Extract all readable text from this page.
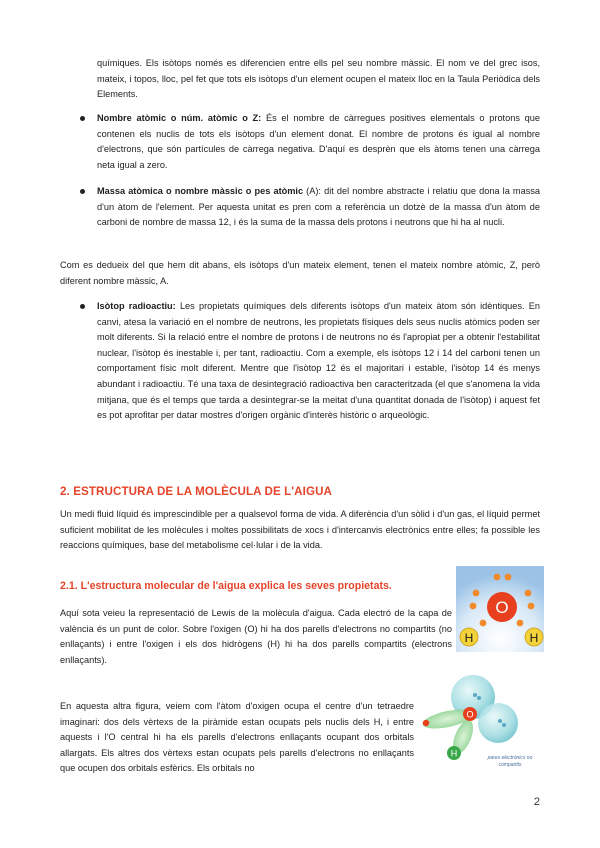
químiques. Els isòtops només es diferencien entre ells pel seu nombre màssic. El nom ve del grec isos, mateix, i topos, lloc, pel fet que tots els isòtops d'un element ocupen el mateix lloc en la Taula Periòdica dels Elements.

Nombre atòmic o núm. atòmic o Z: És el nombre de càrregues positives elementals o protons que contenen els nuclis de tots els isòtops d'un element donat. El nombre de protons és igual al nombre d'electrons, que són partícules de càrrega negativa. D'aquí es desprèn que els àtoms tenen una càrrega neta igual a zero.
Massa atòmica o nombre màssic o pes atòmic (A): dit del nombre abstracte i relatiu que dona la massa d'un àtom de l'element. Per aquesta unitat es pren com a referència un dotzè de la massa d'un àtom de carboni de nombre de massa 12, i és la suma de la massa dels protons i neutrons que hi ha al nucli.

Com es dedueix del que hem dit abans, els isòtops d'un mateix element, tenen el mateix nombre atòmic, Z, però diferent nombre màssic, A.

Isòtop radioactiu: Les propietats químiques dels diferents isòtops d'un mateix àtom són idèntiques. En canvi, atesa la variació en el nombre de neutrons, les propietats físiques dels seus nuclis atòmics poden ser molt diferents. Si la relació entre el nombre de protons i de neutrons no és l'apropiat per a obtenir l'estabilitat nuclear, l'isòtop és inestable i, per tant, radioactiu. Com a exemple, els isòtops 12 i 14 del carboni tenen un comportament físic molt diferent. Mentre que l'isòtop 12 és el majoritari i estable, l'isòtop 14 és menys abundant i radioactiu. Té una taxa de desintegració radioactiva ben caracteritzada (el que s'anomena la vida mitjana, que és el temps que tarda a desintegrar-se la meitat d'una quantitat donada de l'isòtop) i aquest fet es pot aprofitar per datar mostres d'origen orgànic d'interès històric o arqueològic.
2. ESTRUCTURA DE LA MOLÈCULA DE L'AIGUA

Un medi fluid líquid és imprescindible per a qualsevol forma de vida. A diferència d'un sòlid i d'un gas, el líquid permet suficient mobilitat de les molècules i moltes possibilitats de xocs i d'intercanvis electrònics entre elles; fa possible les reaccions químiques, base del metabolisme cel·lular i de la vida.

2.1. L'estructura molecular de l'aigua explica les seves propietats.

Aquí sota veieu la representació de Lewis de la molècula d'aigua. Cada electró de la capa de valència és un punt de color. Sobre l'oxigen (O) hi ha dos parells d'electrons no compartits (no enllaçants) i entre l'oxigen i els dos hidrògens (H) hi ha dos parells compartits (electrons enllaçants).

En aquesta altra figura, veiem com l'àtom d'oxigen ocupa el centre d'un tetraedre imaginari: dos dels vèrtexs de la piràmide estan ocupats pels nuclis dels H, i entre aquests i l'O central hi ha els parells d'electrons enllaçants ocupant dos orbitals allargats. Els altres dos vèrtexs estan ocupats pels parells d'electrons no enllaçants que ocupen dos orbitals esfèrics. Els orbitals no

O
H	H
O
H	pares electrònics no
compartits
2
